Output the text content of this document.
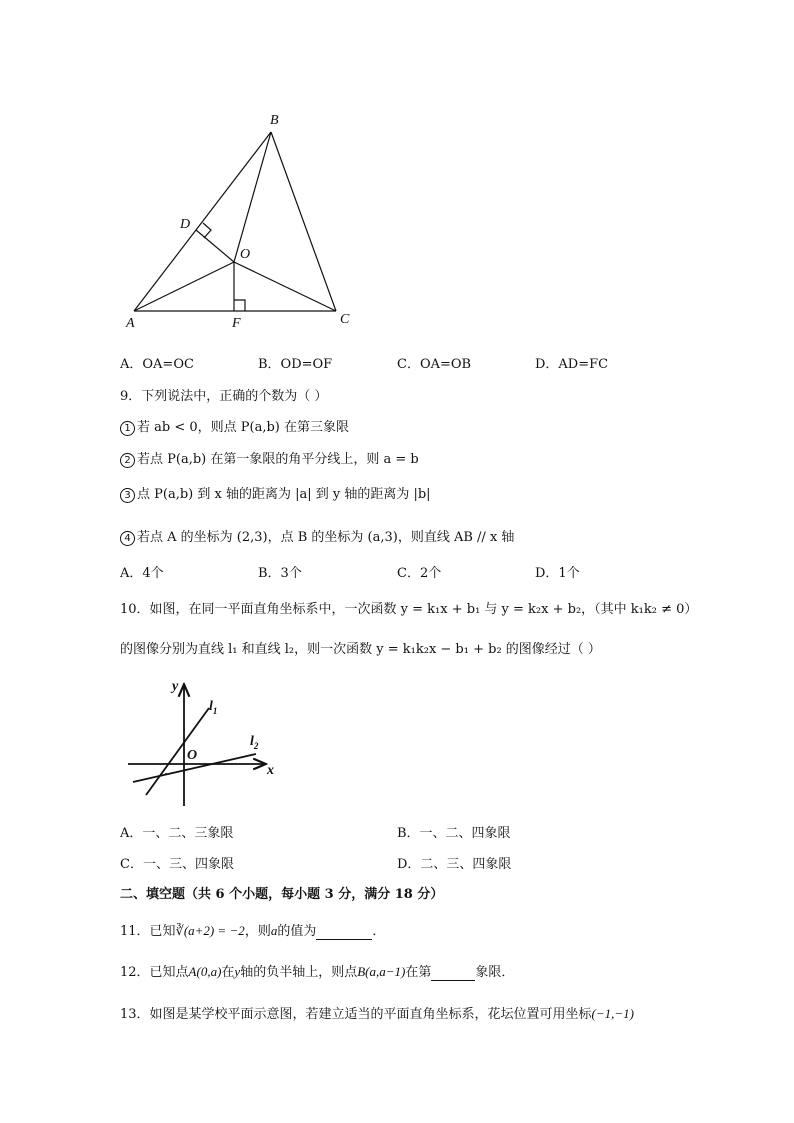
B
D
O
A	F	C
A．OA=OC	B．OD=OF	C．OA=OB	D．AD=FC
9．下列说法中，正确的个数为（ ）
1 若 ab < 0，则点 P(a,b) 在第三象限
2 若点 P(a,b) 在第一象限的角平分线上，则 a = b
3 点 P(a,b) 到 x 轴的距离为 |a| 到 y 轴的距离为 |b|
4 若点 A 的坐标为 (2,3)，点 B 的坐标为 (a,3)，则直线 AB // x 轴
A．4个	B．3个	C．2个	D．1个
10．如图，在同一平面直角坐标系中，一次函数 y = k₁x + b₁ 与 y = k₂x + b₂，（其中 k₁k₂ ≠ 0）
的图像分别为直线 l₁ 和直线 l₂，则一次函数 y = k₁k₂x − b₁ + b₂ 的图像经过（ ）
y
x
O
$l_1$
$l_2$
A．一、二、三象限	B．一、二、四象限
C．一、三、四象限	D．二、三、四象限
二、填空题（共 6 个小题，每小题 3 分，满分 18 分）
11．已知∛(a+2) = −2，则a的值为	．
12．已知点A(0,a)在y轴的负半轴上，则点B(a,a−1)在第	象限．
13．如图是某学校平面示意图，若建立适当的平面直角坐标系，花坛位置可用坐标(−1,−1)
